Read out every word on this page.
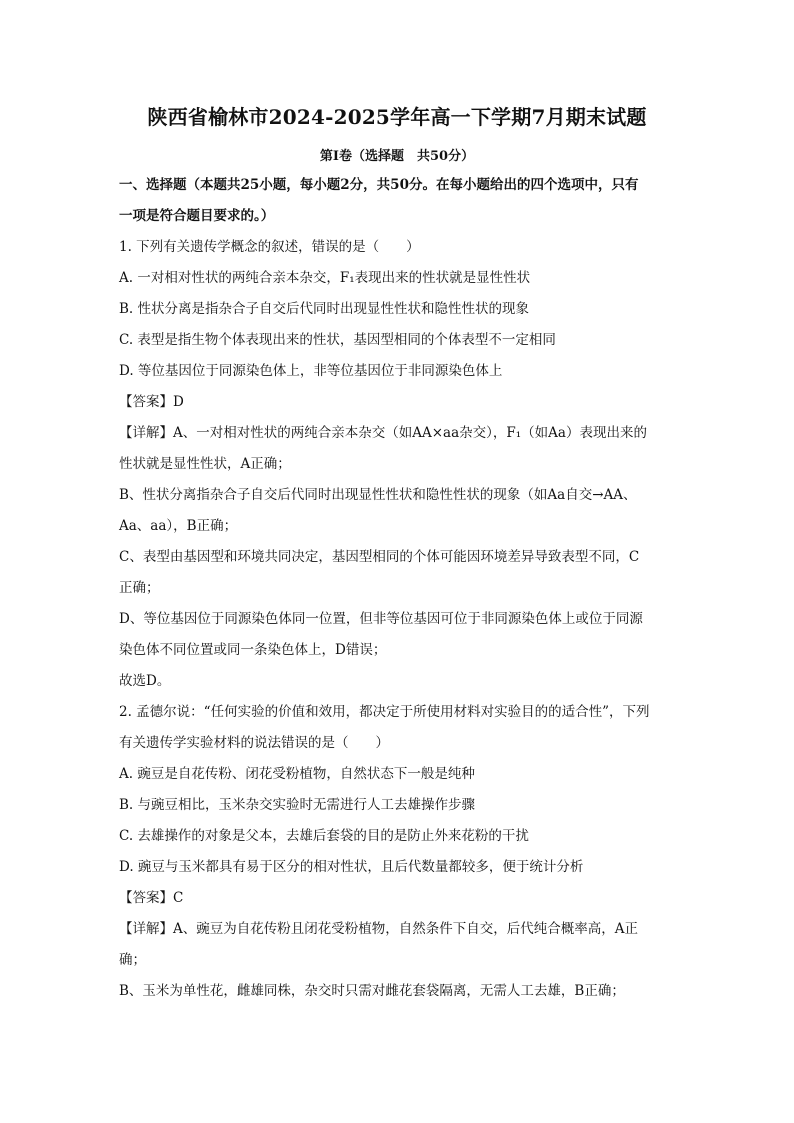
陕西省榆林市2024-2025学年高一下学期7月期末试题
第I卷（选择题　共50分）
一、选择题（本题共25小题，每小题2分，共50分。在每小题给出的四个选项中，只有
一项是符合题目要求的。）
1. 下列有关遗传学概念的叙述，错误的是（　　）
A. 一对相对性状的两纯合亲本杂交，F₁表现出来的性状就是显性性状
B. 性状分离是指杂合子自交后代同时出现显性性状和隐性性状的现象
C. 表型是指生物个体表现出来的性状，基因型相同的个体表型不一定相同
D. 等位基因位于同源染色体上，非等位基因位于非同源染色体上
【答案】D
【详解】A、一对相对性状的两纯合亲本杂交（如AA×aa杂交），F₁（如Aa）表现出来的
性状就是显性性状，A正确；
B、性状分离指杂合子自交后代同时出现显性性状和隐性性状的现象（如Aa自交→AA、
Aa、aa），B正确；
C、表型由基因型和环境共同决定，基因型相同的个体可能因环境差异导致表型不同，C
正确；
D、等位基因位于同源染色体同一位置，但非等位基因可位于非同源染色体上或位于同源
染色体不同位置或同一条染色体上，D错误；
故选D。
2. 孟德尔说：“任何实验的价值和效用，都决定于所使用材料对实验目的的适合性”，下列
有关遗传学实验材料的说法错误的是（　　）
A. 豌豆是自花传粉、闭花受粉植物，自然状态下一般是纯种
B. 与豌豆相比，玉米杂交实验时无需进行人工去雄操作步骤
C. 去雄操作的对象是父本，去雄后套袋的目的是防止外来花粉的干扰
D. 豌豆与玉米都具有易于区分的相对性状，且后代数量都较多，便于统计分析
【答案】C
【详解】A、豌豆为自花传粉且闭花受粉植物，自然条件下自交，后代纯合概率高，A正
确；
B、玉米为单性花，雌雄同株，杂交时只需对雌花套袋隔离，无需人工去雄，B正确；
